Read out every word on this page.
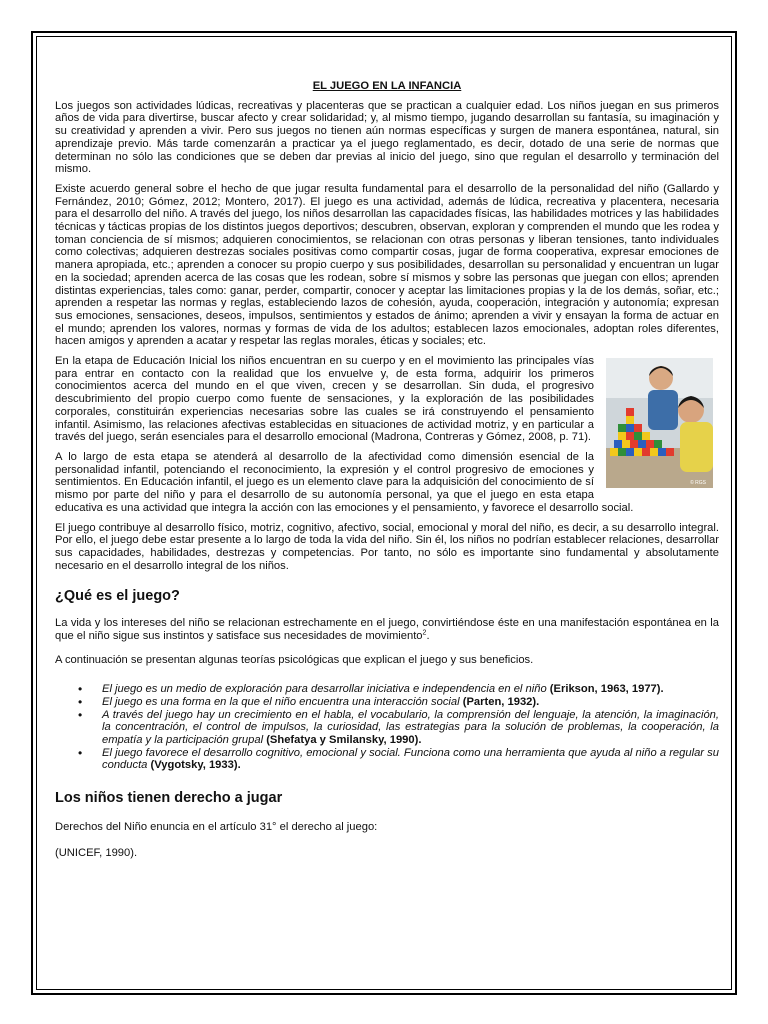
EL JUEGO EN LA INFANCIA

Los juegos son actividades lúdicas, recreativas y placenteras que se practican a cualquier edad. Los niños juegan en sus primeros años de vida para divertirse, buscar afecto y crear solidaridad; y, al mismo tiempo, jugando desarrollan su fantasía, su imaginación y su creatividad y aprenden a vivir. Pero sus juegos no tienen aún normas específicas y surgen de manera espontánea, natural, sin aprendizaje previo. Más tarde comenzarán a practicar ya el juego reglamentado, es decir, dotado de una serie de normas que determinan no sólo las condiciones que se deben dar previas al inicio del juego, sino que regulan el desarrollo y terminación del mismo.

Existe acuerdo general sobre el hecho de que jugar resulta fundamental para el desarrollo de la personalidad del niño (Gallardo y Fernández, 2010; Gómez, 2012; Montero, 2017). El juego es una actividad, además de lúdica, recreativa y placentera, necesaria para el desarrollo del niño. A través del juego, los niños desarrollan las capacidades físicas, las habilidades motrices y las habilidades técnicas y tácticas propias de los distintos juegos deportivos; descubren, observan, exploran y comprenden el mundo que les rodea y toman conciencia de sí mismos; adquieren conocimientos, se relacionan con otras personas y liberan tensiones, tanto individuales como colectivas; adquieren destrezas sociales positivas como compartir cosas, jugar de forma cooperativa, expresar emociones de manera apropiada, etc.; aprenden a conocer su propio cuerpo y sus posibilidades, desarrollan su personalidad y encuentran un lugar en la sociedad; aprenden acerca de las cosas que les rodean, sobre sí mismos y sobre las personas que juegan con ellos; aprenden distintas experiencias, tales como: ganar, perder, compartir, conocer y aceptar las limitaciones propias y la de los demás, soñar, etc.; aprenden a respetar las normas y reglas, estableciendo lazos de cohesión, ayuda, cooperación, integración y autonomía; expresan sus emociones, sensaciones, deseos, impulsos, sentimientos y estados de ánimo; aprenden a vivir y ensayan la forma de actuar en el mundo; aprenden los valores, normas y formas de vida de los adultos; establecen lazos emocionales, adoptan roles diferentes, hacen amigos y aprenden a acatar y respetar las reglas morales, éticas y sociales; etc.

© RGS

En la etapa de Educación Inicial los niños encuentran en su cuerpo y en el movimiento las principales vías para entrar en contacto con la realidad que los envuelve y, de esta forma, adquirir los primeros conocimientos acerca del mundo en el que viven, crecen y se desarrollan. Sin duda, el progresivo descubrimiento del propio cuerpo como fuente de sensaciones, y la exploración de las posibilidades corporales, constituirán experiencias necesarias sobre las cuales se irá construyendo el pensamiento infantil. Asimismo, las relaciones afectivas establecidas en situaciones de actividad motriz, y en particular a través del juego, serán esenciales para el desarrollo emocional (Madrona, Contreras y Gómez, 2008, p. 71).

A lo largo de esta etapa se atenderá al desarrollo de la afectividad como dimensión esencial de la personalidad infantil, potenciando el reconocimiento, la expresión y el control progresivo de emociones y sentimientos. En Educación infantil, el juego es un elemento clave para la adquisición del conocimiento de sí mismo por parte del niño y para el desarrollo de su autonomía personal, ya que el juego en esta etapa educativa es una actividad que integra la acción con las emociones y el pensamiento, y favorece el desarrollo social.

El juego contribuye al desarrollo físico, motriz, cognitivo, afectivo, social, emocional y moral del niño, es decir, a su desarrollo integral. Por ello, el juego debe estar presente a lo largo de toda la vida del niño. Sin él, los niños no podrían establecer relaciones, desarrollar sus capacidades, habilidades, destrezas y competencias. Por tanto, no sólo es importante sino fundamental y absolutamente necesario en el desarrollo integral de los niños.

¿Qué es el juego?

La vida y los intereses del niño se relacionan estrechamente en el juego, convirtiéndose éste en una manifestación espontánea en la que el niño sigue sus instintos y satisface sus necesidades de movimiento$^2$.

A continuación se presentan algunas teorías psicológicas que explican el juego y sus beneficios.

• El juego es un medio de exploración para desarrollar iniciativa e independencia en el niño (Erikson, 1963, 1977).
• El juego es una forma en la que el niño encuentra una interacción social (Parten, 1932).
• A través del juego hay un crecimiento en el habla, el vocabulario, la comprensión del lenguaje, la atención, la imaginación, la concentración, el control de impulsos, la curiosidad, las estrategias para la solución de problemas, la cooperación, la empatía y la participación grupal (Shefatya y Smilansky, 1990).
• El juego favorece el desarrollo cognitivo, emocional y social. Funciona como una herramienta que ayuda al niño a regular su conducta (Vygotsky, 1933).
Los niños tienen derecho a jugar

Derechos del Niño enuncia en el artículo 31° el derecho al juego:

(UNICEF, 1990).
